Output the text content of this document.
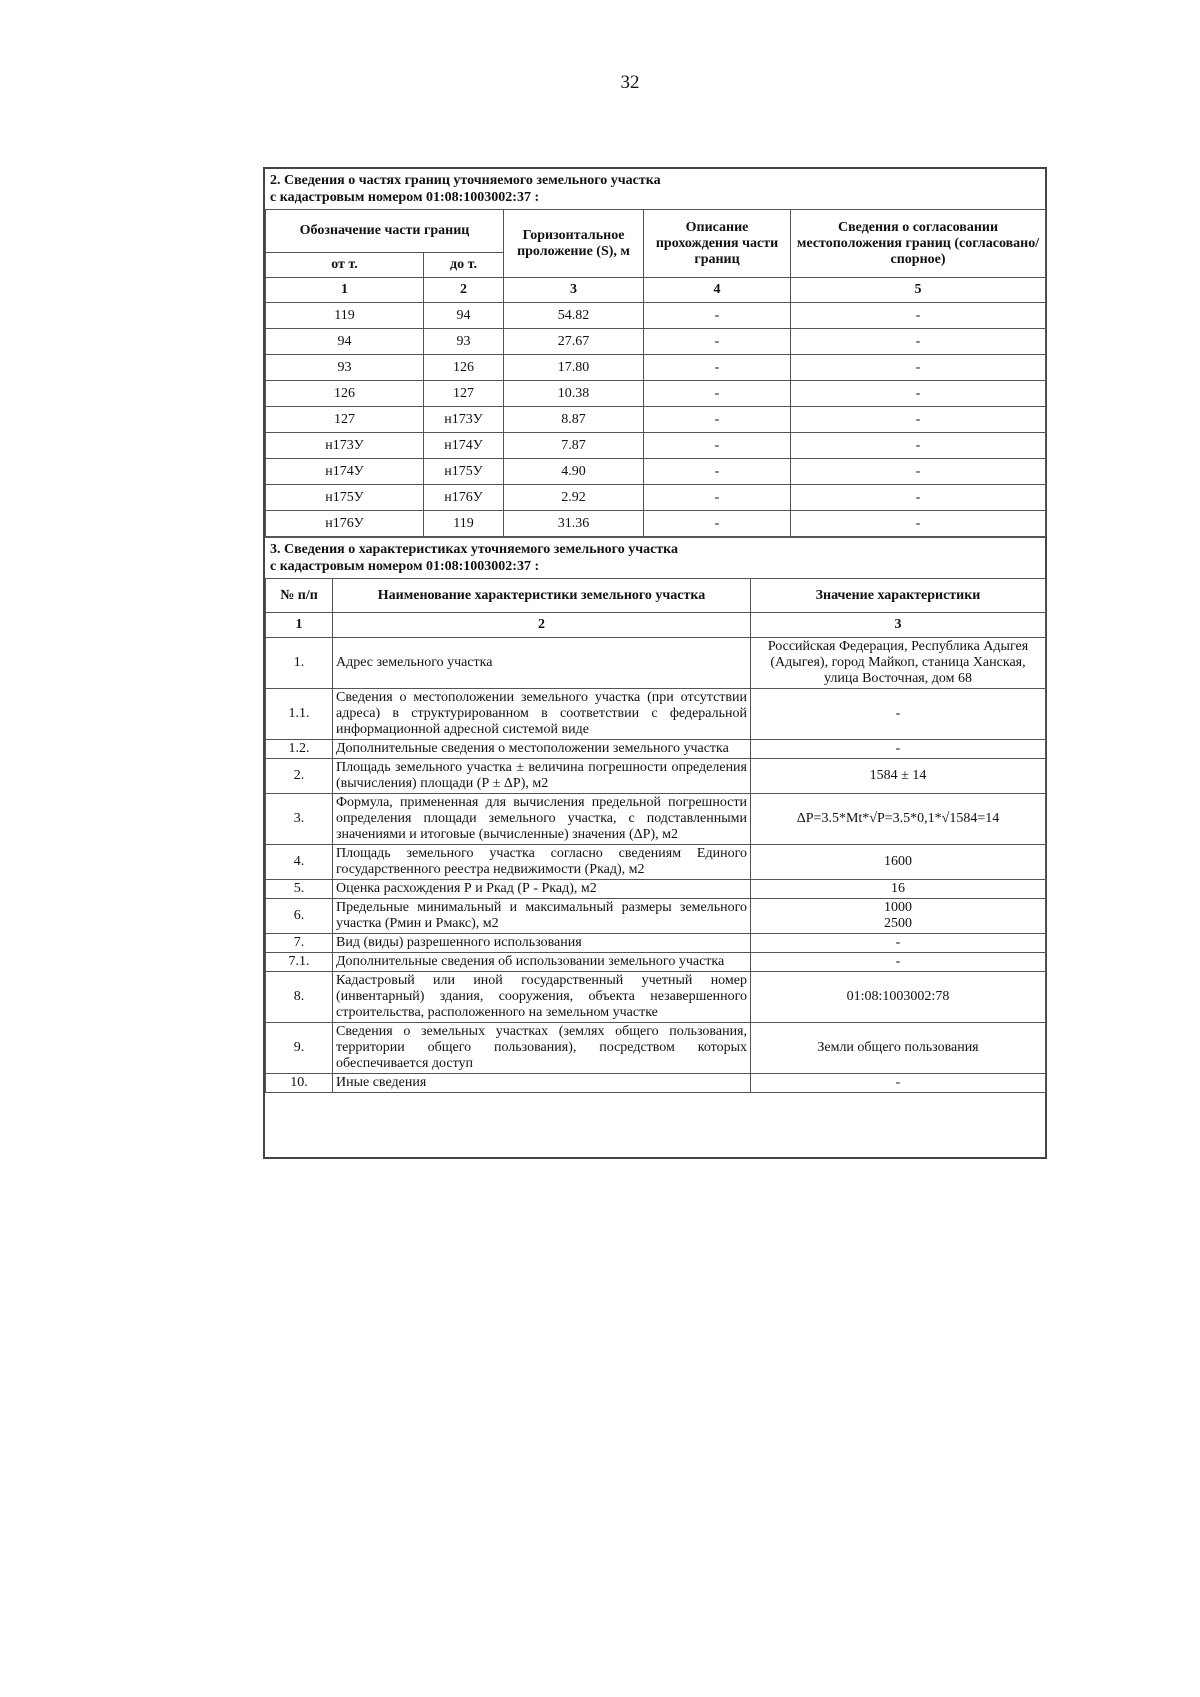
32
2. Сведения о частях границ уточняемого земельного участка
с кадастровым номером 01:08:1003002:37 :
Обозначение части границ		Горизонтальное проложение (S), м	Описание прохождения части границ	Сведения о согласовании местоположения границ (согласовано/спорное)
от т.	до т.			
1	2	3	4	5
119	94	54.82	-	-
94	93	27.67	-	-
93	126	17.80	-	-
126	127	10.38	-	-
127	н173У	8.87	-	-
н173У	н174У	7.87	-	-
н174У	н175У	4.90	-	-
н175У	н176У	2.92	-	-
н176У	119	31.36	-	-
3. Сведения о характеристиках уточняемого земельного участка
с кадастровым номером 01:08:1003002:37 :
№ п/п	Наименование характеристики земельного участка	Значение характеристики
1	2	3
1.	Адрес земельного участка	Российская Федерация, Республика Адыгея (Адыгея), город Майкоп, станица Ханская, улица Восточная, дом 68
1.1.	Сведения о местоположении земельного участка (при отсутствии адреса) в структурированном в соответствии с федеральной информационной адресной системой виде	-
1.2.	Дополнительные сведения о местоположении земельного участка	-
2.	Площадь земельного участка ± величина погрешности определения (вычисления) площади (Р ± ΔР), м2	1584 ± 14
3.	Формула, примененная для вычисления предельной погрешности определения площади земельного участка, с подставленными значениями и итоговые (вычисленные) значения (ΔР), м2	ΔP=3.5*Mt*√P=3.5*0,1*√1584=14
4.	Площадь земельного участка согласно сведениям Единого государственного реестра недвижимости (Ркад), м2	1600
5.	Оценка расхождения Р и Ркад (Р - Ркад), м2	16
6.	Предельные минимальный и максимальный размеры земельного участка (Рмин и Рмакс), м2	1000
2500

7.	Вид (виды) разрешенного использования	-
7.1.	Дополнительные сведения об использовании земельного участка	-
8.	Кадастровый или иной государственный учетный номер (инвентарный) здания, сооружения, объекта незавершенного строительства, расположенного на земельном участке	01:08:1003002:78
9.	Сведения о земельных участках (землях общего пользования, территории общего пользования), посредством которых обеспечивается доступ	Земли общего пользования
10.	Иные сведения	-
